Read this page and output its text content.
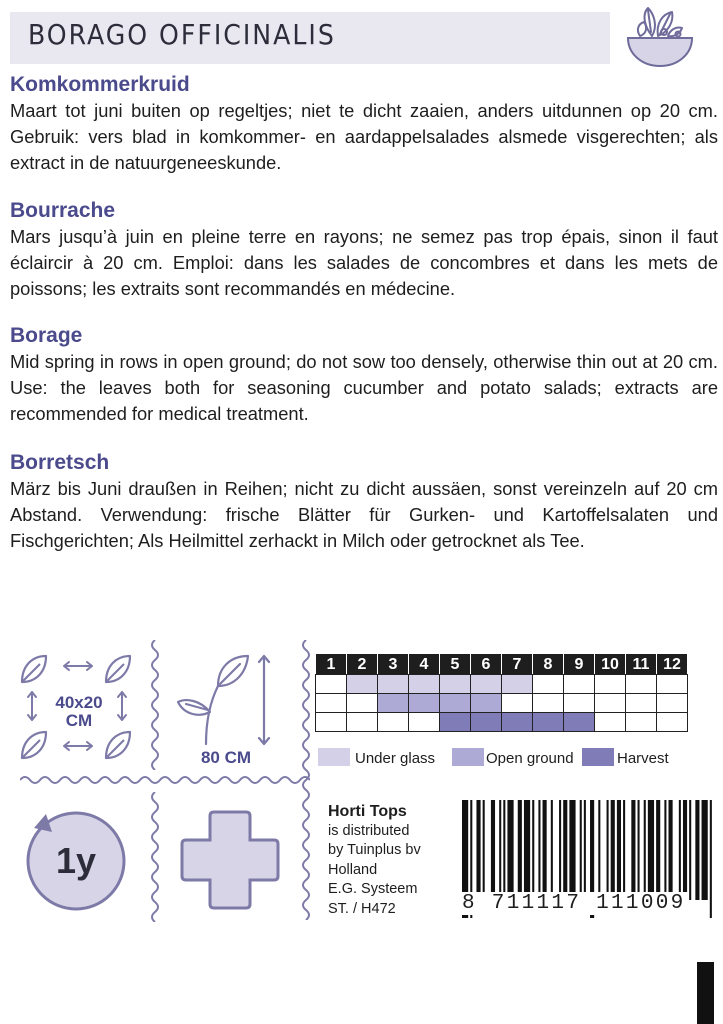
BORAGO OFFICINALIS
Komkommerkruid

Maart tot juni buiten op regeltjes; niet te dicht zaaien, anders uitdunnen op 20 cm. Gebruik: vers blad in komkommer- en aardappelsalades alsmede visgerechten; als extract in de natuurgeneeskunde.

Bourrache

Mars jusqu’à juin en pleine terre en rayons; ne semez pas trop épais, sinon il faut éclaircir à 20 cm. Emploi: dans les salades de concombres et dans les mets de poissons; les extraits sont recommandés en médecine.

Borage

Mid spring in rows in open ground; do not sow too densely, otherwise thin out at 20 cm. Use: the leaves both for seasoning cucumber and potato salads; extracts are recommended for medical treatment.

Borretsch

März bis Juni draußen in Reihen; nicht zu dicht aussäen, sonst vereinzeln auf 20 cm Abstand. Verwendung: frische Blätter für Gurken- und Kartoffelsalaten und Fischgerichten; Als Heilmittel zerhackt in Milch oder getrocknet als Tee.

40x20
CM
80 CM
1y
1	2	3	4	5	6	7	8	9	10 11 12
Under glass	Open ground	Harvest
Horti Tops
is distributed
by Tuinplus bv
Holland
E.G. Systeem
ST. / H472	8 711117 111009
